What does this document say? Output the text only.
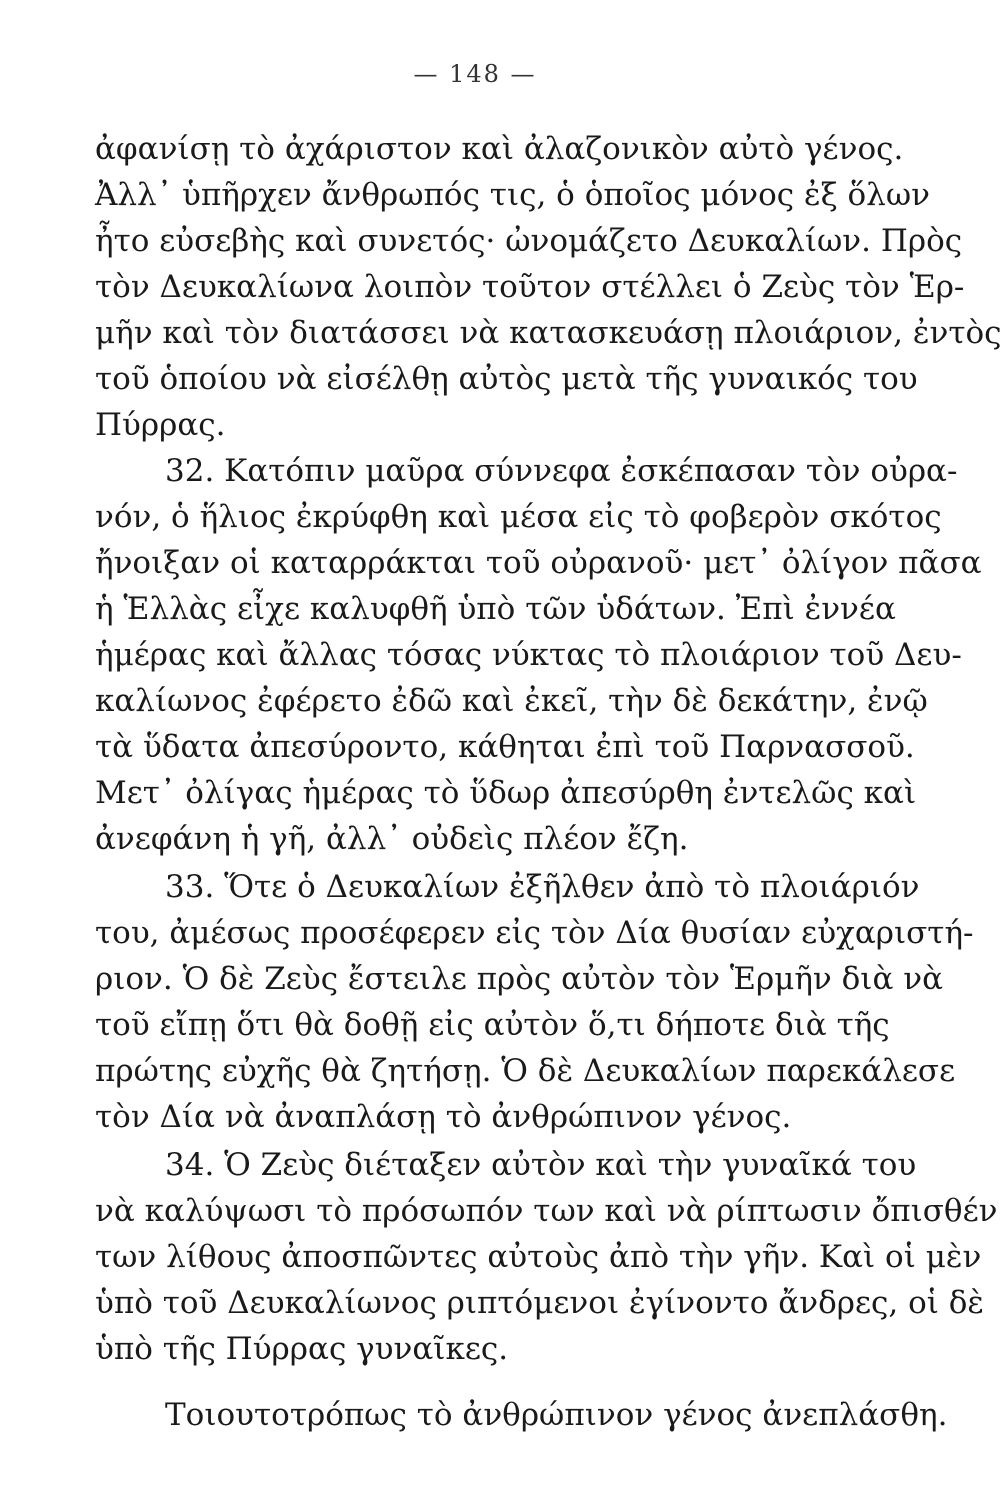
— 148 —
ἀφανίσῃ τὸ ἀχάριστον καὶ ἀλαζονικὸν αὐτὸ γένος.
Ἀλλ᾽ ὑπῆρχεν ἄνθρωπός τις, ὁ ὁποῖος μόνος ἐξ ὅλων
ἦτο εὐσεβὴς καὶ συνετός· ὠνομάζετο Δευκαλίων. Πρὸς
τὸν Δευκαλίωνα λοιπὸν τοῦτον στέλλει ὁ Ζεὺς τὸν Ἑρ-
μῆν καὶ τὸν διατάσσει νὰ κατασκευάσῃ πλοιάριον, ἐντὸς
τοῦ ὁποίου νὰ εἰσέλθῃ αὐτὸς μετὰ τῆς γυναικός του
Πύρρας.
32. Κατόπιν μαῦρα σύννεφα ἐσκέπασαν τὸν οὐρα-
νόν, ὁ ἥλιος ἐκρύφθη καὶ μέσα εἰς τὸ φοβερὸν σκότος
ἤνοιξαν οἱ καταρράκται τοῦ οὐρανοῦ· μετ᾽ ὀλίγον πᾶσα
ἡ Ἑλλὰς εἶχε καλυφθῆ ὑπὸ τῶν ὑδάτων. Ἐπὶ ἐννέα
ἡμέρας καὶ ἄλλας τόσας νύκτας τὸ πλοιάριον τοῦ Δευ-
καλίωνος ἐφέρετο ἐδῶ καὶ ἐκεῖ, τὴν δὲ δεκάτην, ἐνῷ
τὰ ὕδατα ἀπεσύροντο, κάθηται ἐπὶ τοῦ Παρνασσοῦ.
Μετ᾽ ὀλίγας ἡμέρας τὸ ὕδωρ ἀπεσύρθη ἐντελῶς καὶ
ἀνεφάνη ἡ γῆ, ἀλλ᾽ οὐδεὶς πλέον ἔζη.
33. Ὅτε ὁ Δευκαλίων ἐξῆλθεν ἀπὸ τὸ πλοιάριόν
του, ἀμέσως προσέφερεν εἰς τὸν Δία θυσίαν εὐχαριστή-
ριον. Ὁ δὲ Ζεὺς ἔστειλε πρὸς αὐτὸν τὸν Ἑρμῆν διὰ νὰ
τοῦ εἴπῃ ὅτι θὰ δοθῇ εἰς αὐτὸν ὅ,τι δήποτε διὰ τῆς
πρώτης εὐχῆς θὰ ζητήσῃ. Ὁ δὲ Δευκαλίων παρεκάλεσε
τὸν Δία νὰ ἀναπλάσῃ τὸ ἀνθρώπινον γένος.
34. Ὁ Ζεὺς διέταξεν αὐτὸν καὶ τὴν γυναῖκά του
νὰ καλύψωσι τὸ πρόσωπόν των καὶ νὰ ρίπτωσιν ὄπισθέν
των λίθους ἀποσπῶντες αὐτοὺς ἀπὸ τὴν γῆν. Καὶ οἱ μὲν
ὑπὸ τοῦ Δευκαλίωνος ριπτόμενοι ἐγίνοντο ἄνδρες, οἱ δὲ
ὑπὸ τῆς Πύρρας γυναῖκες.
Τοιουτοτρόπως τὸ ἀνθρώπινον γένος ἀνεπλάσθη.
